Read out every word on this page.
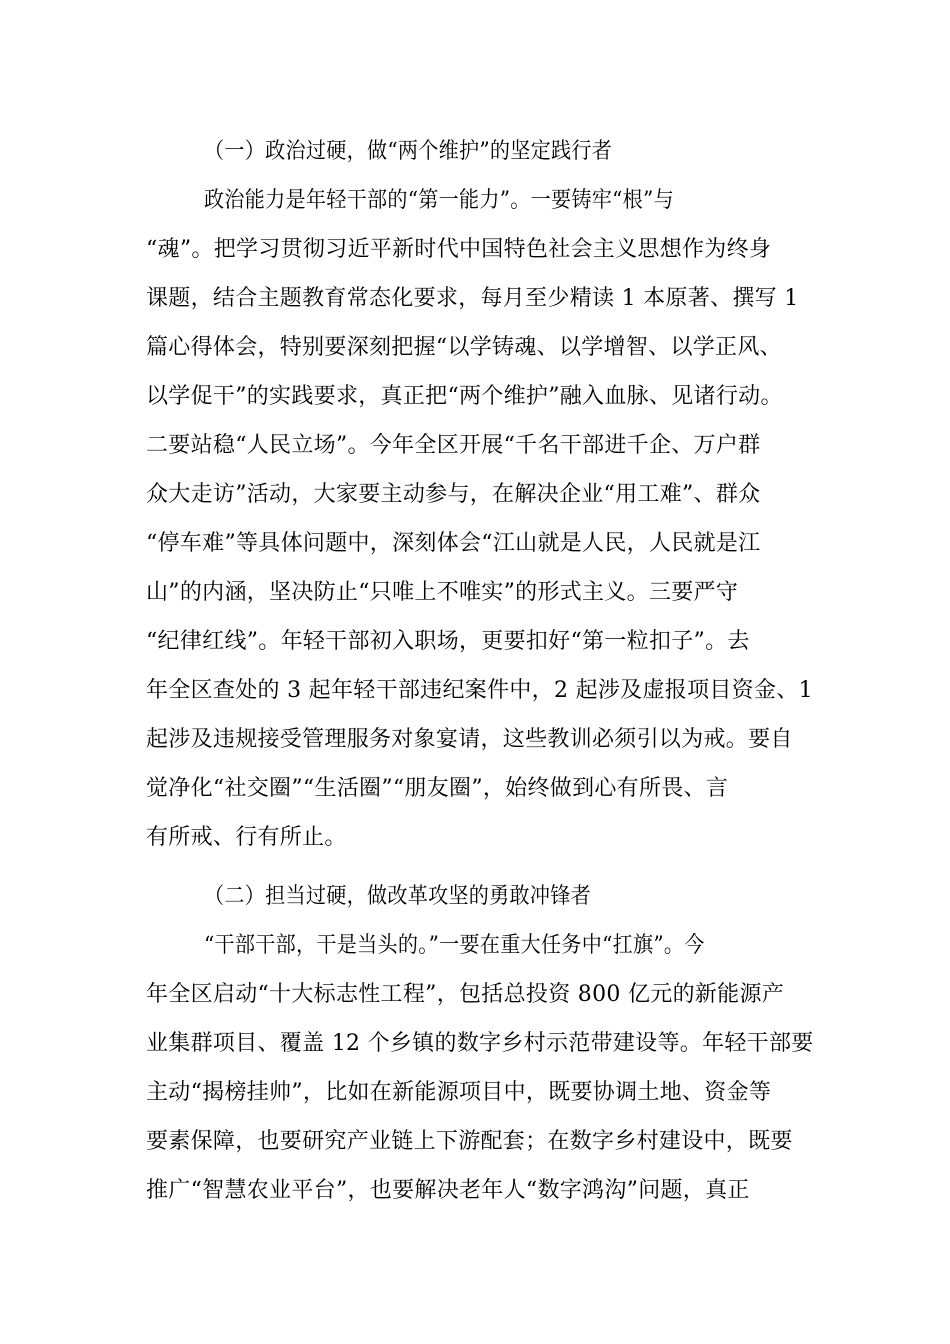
（一）政治过硬，做“两个维护”的坚定践行者
政治能力是年轻干部的“第一能力”。一要铸牢“根”与
“魂”。把学习贯彻习近平新时代中国特色社会主义思想作为终身
课题，结合主题教育常态化要求，每月至少精读 1 本原著、撰写 1
篇心得体会，特别要深刻把握“以学铸魂、以学增智、以学正风、
以学促干”的实践要求，真正把“两个维护”融入血脉、见诸行动。
二要站稳“人民立场”。今年全区开展“千名干部进千企、万户群
众大走访”活动，大家要主动参与，在解决企业“用工难”、群众
“停车难”等具体问题中，深刻体会“江山就是人民，人民就是江
山”的内涵，坚决防止“只唯上不唯实”的形式主义。三要严守
“纪律红线”。年轻干部初入职场，更要扣好“第一粒扣子”。去
年全区查处的 3 起年轻干部违纪案件中，2 起涉及虚报项目资金、1
起涉及违规接受管理服务对象宴请，这些教训必须引以为戒。要自
觉净化“社交圈”“生活圈”“朋友圈”，始终做到心有所畏、言
有所戒、行有所止。
（二）担当过硬，做改革攻坚的勇敢冲锋者
“干部干部，干是当头的。”一要在重大任务中“扛旗”。今
年全区启动“十大标志性工程”，包括总投资 800 亿元的新能源产
业集群项目、覆盖 12 个乡镇的数字乡村示范带建设等。年轻干部要
主动“揭榜挂帅”，比如在新能源项目中，既要协调土地、资金等
要素保障，也要研究产业链上下游配套；在数字乡村建设中，既要
推广“智慧农业平台”，也要解决老年人“数字鸿沟”问题，真正
